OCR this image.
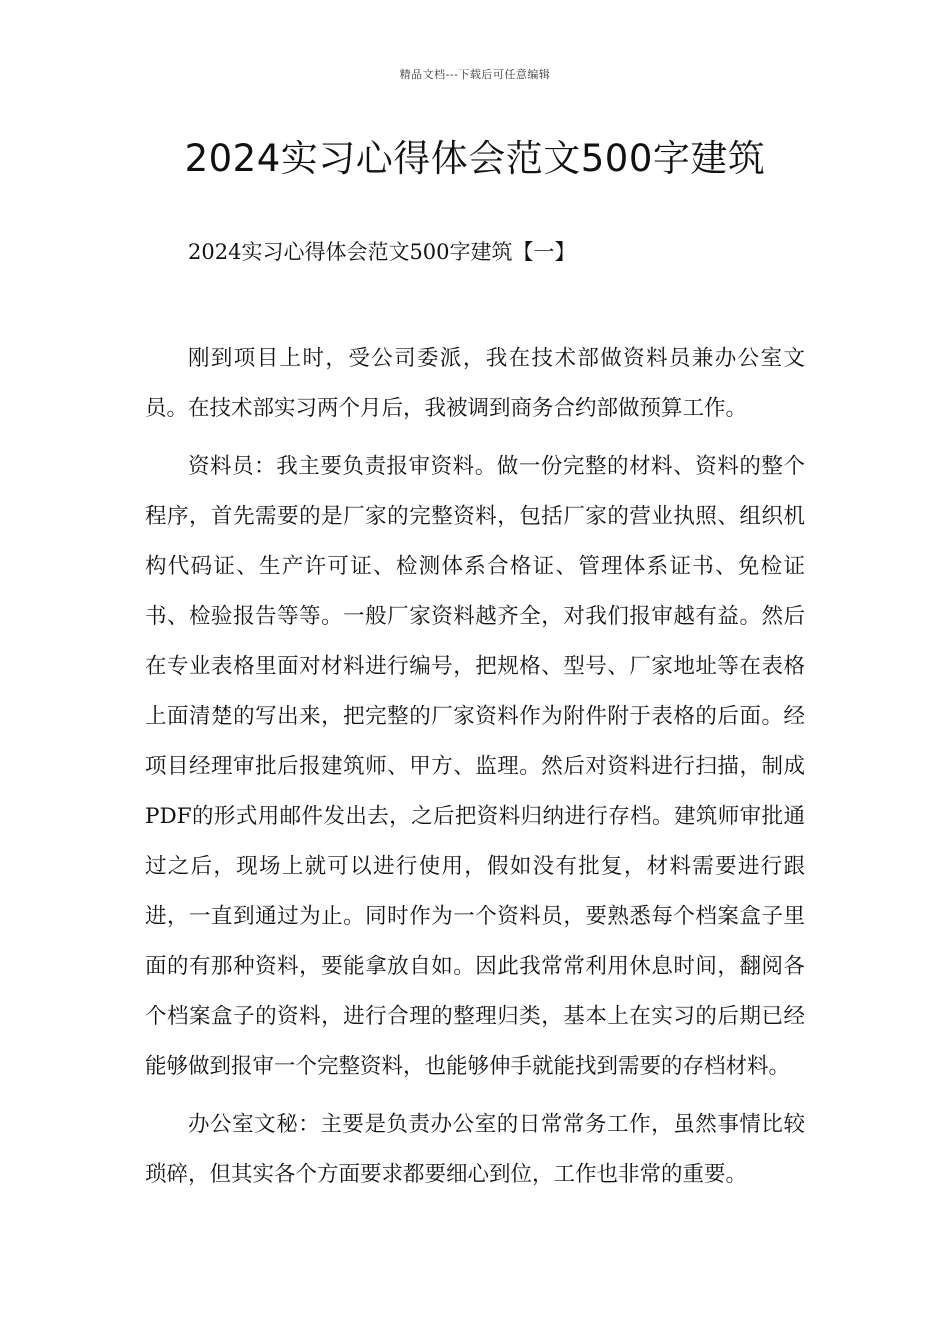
精品文档---下载后可任意编辑
2024实习心得体会范文500字建筑
2024实习心得体会范文500字建筑【一】

刚到项目上时，受公司委派，我在技术部做资料员兼办公室文员。在技术部实习两个月后，我被调到商务合约部做预算工作。

资料员：我主要负责报审资料。做一份完整的材料、资料的整个程序，首先需要的是厂家的完整资料，包括厂家的营业执照、组织机构代码证、生产许可证、检测体系合格证、管理体系证书、免检证书、检验报告等等。一般厂家资料越齐全，对我们报审越有益。然后在专业表格里面对材料进行编号，把规格、型号、厂家地址等在表格上面清楚的写出来，把完整的厂家资料作为附件附于表格的后面。经项目经理审批后报建筑师、甲方、监理。然后对资料进行扫描，制成PDF的形式用邮件发出去，之后把资料归纳进行存档。建筑师审批通过之后，现场上就可以进行使用，假如没有批复，材料需要进行跟进，一直到通过为止。同时作为一个资料员，要熟悉每个档案盒子里面的有那种资料，要能拿放自如。因此我常常利用休息时间，翻阅各个档案盒子的资料，进行合理的整理归类，基本上在实习的后期已经能够做到报审一个完整资料，也能够伸手就能找到需要的存档材料。

办公室文秘：主要是负责办公室的日常常务工作，虽然事情比较琐碎，但其实各个方面要求都要细心到位，工作也非常的重要。
